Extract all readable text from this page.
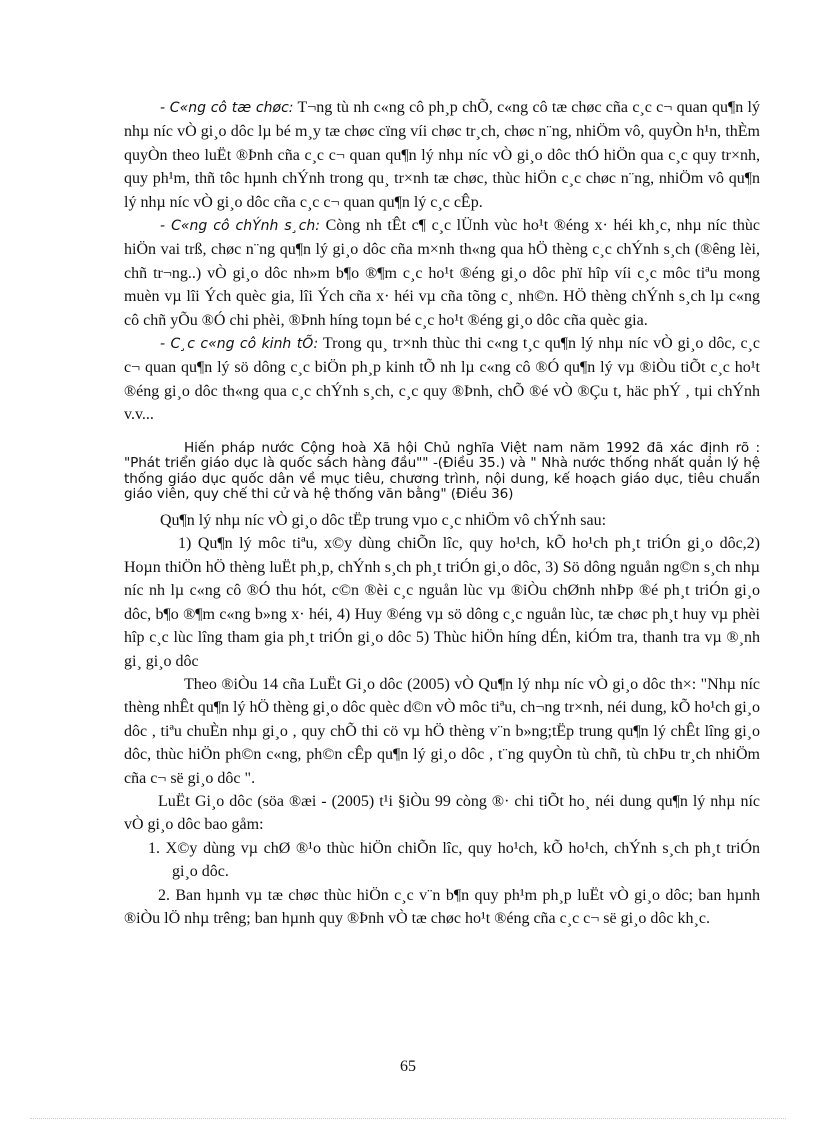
- C«ng cô tæ chøc: T¬ng tù nh c«ng cô ph¸p chÕ, c«ng cô tæ chøc cña c¸c c¬ quan qu¶n lý nhµ níc vÒ gi¸o dôc lµ bé m¸y tæ chøc cïng víi chøc tr¸ch, chøc n¨ng, nhiÖm vô, quyÒn h¹n, thÈm quyÒn theo luËt ®Þnh cña c¸c c¬ quan qu¶n lý nhµ níc vÒ gi¸o dôc thÓ hiÖn qua c¸c quy tr×nh, quy ph¹m, thñ tôc hµnh chÝnh trong qu¸ tr×nh tæ chøc, thùc hiÖn c¸c chøc n¨ng, nhiÖm vô qu¶n lý nhµ níc vÒ gi¸o dôc cña c¸c c¬ quan qu¶n lý c¸c cÊp.

- C«ng cô chÝnh s¸ch: Còng nh tÊt c¶ c¸c lÜnh vùc ho¹t ®éng x· héi kh¸c, nhµ níc thùc hiÖn vai trß, chøc n¨ng qu¶n lý gi¸o dôc cña m×nh th«ng qua hÖ thèng c¸c chÝnh s¸ch (®êng lèi, chñ tr¬ng..) vÒ gi¸o dôc nh»m b¶o ®¶m c¸c ho¹t ®éng gi¸o dôc phï hîp víi c¸c môc tiªu mong muèn vµ lîi Ých quèc gia, lîi Ých cña x· héi vµ cña tõng c¸ nh©n. HÖ thèng chÝnh s¸ch lµ c«ng cô chñ yÕu ®Ó chi phèi, ®Þnh híng toµn bé c¸c ho¹t ®éng gi¸o dôc cña quèc gia.

- C¸c c«ng cô kinh tÕ: Trong qu¸ tr×nh thùc thi c«ng t¸c qu¶n lý nhµ níc vÒ gi¸o dôc, c¸c c¬ quan qu¶n lý sö dông c¸c biÖn ph¸p kinh tÕ nh lµ c«ng cô ®Ó qu¶n lý vµ ®iÒu tiÕt c¸c ho¹t ®éng gi¸o dôc th«ng qua c¸c chÝnh s¸ch, c¸c quy ®Þnh, chÕ ®é vÒ ®Çu t, häc phÝ , tµi chÝnh v.v...

Hiến pháp nước Cộng hoà Xã hội Chủ nghĩa Việt nam năm 1992 đã xác định rõ : "Phát triển giáo dục là quốc sách hàng đầu"" -(Điều 35.) và " Nhà nước thống nhất quản lý hệ thống giáo dục quốc dân về mục tiêu, chương trình, nội dung, kế hoạch giáo dục, tiêu chuẩn giáo viên, quy chế thi cử và hệ thống văn bằng" (Điều 36)

Qu¶n lý nhµ níc vÒ gi¸o dôc tËp trung vµo c¸c nhiÖm vô chÝnh sau:

1) Qu¶n lý môc tiªu, x©y dùng chiÕn lîc, quy ho¹ch, kÕ ho¹ch ph¸t triÓn gi¸o dôc,2) Hoµn thiÖn hÖ thèng luËt ph¸p, chÝnh s¸ch ph¸t triÓn gi¸o dôc, 3) Sö dông nguån ng©n s¸ch nhµ níc nh lµ c«ng cô ®Ó thu hót, c©n ®èi c¸c nguån lùc vµ ®iÒu chØnh nhÞp ®é ph¸t triÓn gi¸o dôc, b¶o ®¶m c«ng b»ng x· héi, 4) Huy ®éng vµ sö dông c¸c nguån lùc, tæ chøc ph¸t huy vµ phèi hîp c¸c lùc lîng tham gia ph¸t triÓn gi¸o dôc 5) Thùc hiÖn híng dÉn, kiÓm tra, thanh tra vµ ®¸nh gi¸ gi¸o dôc

Theo ®iÒu 14 cña LuËt Gi¸o dôc (2005) vÒ Qu¶n lý nhµ níc vÒ gi¸o dôc th×: "Nhµ níc thèng nhÊt qu¶n lý hÖ thèng gi¸o dôc quèc d©n vÒ môc tiªu, ch¬ng tr×nh, néi dung, kÕ ho¹ch gi¸o dôc , tiªu chuÈn nhµ gi¸o , quy chÕ thi cö vµ hÖ thèng v¨n b»ng;tËp trung qu¶n lý chÊt lîng gi¸o dôc, thùc hiÖn ph©n c«ng, ph©n cÊp qu¶n lý gi¸o dôc , t¨ng quyÒn tù chñ, tù chÞu tr¸ch nhiÖm cña c¬ së gi¸o dôc ".

LuËt Gi¸o dôc (söa ®æi - (2005) t¹i §iÒu 99 còng ®· chi tiÕt ho¸ néi dung qu¶n lý nhµ níc vÒ gi¸o dôc bao gåm:

1. X©y dùng vµ chØ ®¹o thùc hiÖn chiÕn lîc, quy ho¹ch, kÕ ho¹ch, chÝnh s¸ch ph¸t triÓn gi¸o dôc.

2. Ban hµnh vµ tæ chøc thùc hiÖn c¸c v¨n b¶n quy ph¹m ph¸p luËt vÒ gi¸o dôc; ban hµnh ®iÒu lÖ nhµ trêng; ban hµnh quy ®Þnh vÒ tæ chøc ho¹t ®éng cña c¸c c¬ së gi¸o dôc kh¸c.

65
